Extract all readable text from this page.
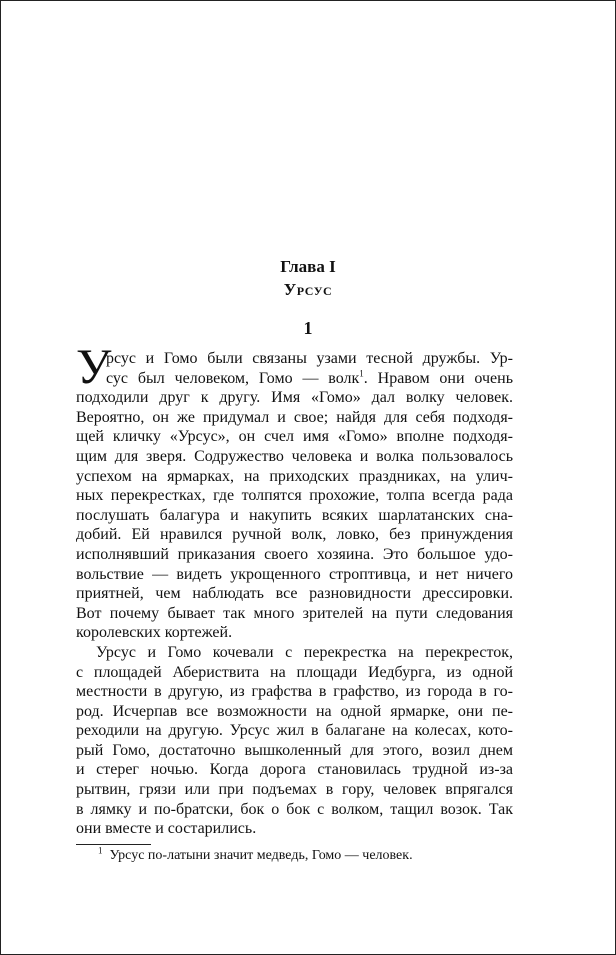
Глава I
Урсус
1
У
рсус и Гомо были связаны узами тесной дружбы. Ур-
сус был человеком, Гомо — волк$^1$. Нравом они очень
подходили друг к другу. Имя «Гомо» дал волку человек.
Вероятно, он же придумал и свое; найдя для себя подходя-
щей кличку «Урсус», он счел имя «Гомо» вполне подходя-
щим для зверя. Содружество человека и волка пользовалось
успехом на ярмарках, на приходских праздниках, на улич-
ных перекрестках, где толпятся прохожие, толпа всегда рада
послушать балагура и накупить всяких шарлатанских сна-
добий. Ей нравился ручной волк, ловко, без принуждения
исполнявший приказания своего хозяина. Это большое удо-
вольствие — видеть укрощенного строптивца, и нет ничего
приятней, чем наблюдать все разновидности дрессировки.
Вот почему бывает так много зрителей на пути следования
королевских кортежей.
Урсус и Гомо кочевали с перекрестка на перекресток,
с площадей Абериствита на площади Иедбурга, из одной
местности в другую, из графства в графство, из города в го-
род. Исчерпав все возможности на одной ярмарке, они пе-
реходили на другую. Урсус жил в балагане на колесах, кото-
рый Гомо, достаточно вышколенный для этого, возил днем
и стерег ночью. Когда дорога становилась трудной из-за
рытвин, грязи или при подъемах в гору, человек впрягался
в лямку и по-братски, бок о бок с волком, тащил возок. Так
они вместе и состарились.
$^1$ Урсус по-латыни значит медведь, Гомо — человек.
